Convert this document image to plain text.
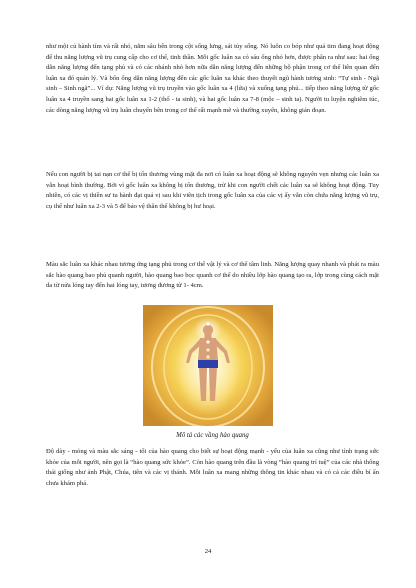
như một củ hành tím và rất nhỏ, nằm sâu bên trong cột sống lưng, sát tủy sống. Nó luôn co bóp như quả tim đang hoạt động để thu năng lượng vũ trụ cung cấp cho cơ thể, tinh thần. Mỗi gốc luân xa có sáu ống nhỏ hơn, được phân ra như sau: hai ống dẫn năng lượng đến tạng phủ và có các nhánh nhỏ hơn nữa dẫn năng lượng đến những bộ phận trong cơ thể liên quan đến luân xa đó quản lý. Và bốn ống dẫn năng lượng đến các gốc luân xa khác theo thuyết ngũ hành tương sinh: “Tự sinh - Ngã sinh – Sinh ngã”... Ví dụ: Năng lượng vũ trụ truyền vào gốc luân xa 4 (lửa) và xuống tạng phủ... tiếp theo năng lượng từ gốc luân xa 4 truyền sang hai gốc luân xa 1-2 (thổ - ta sinh), và hai gốc luân xa 7-8 (mộc – sinh ta). Người tu luyện nghiêm túc, các dòng năng lượng vũ trụ luân chuyển bên trong cơ thể rất mạnh mẽ và thường xuyên, không gián đoạn.

Nếu con người bị tai nạn cơ thể bị tổn thương vùng mặt đa nơi có luân xa hoạt động sẽ không nguyên vẹn nhưng các luân xa vẫn hoạt bình thường. Bởi vì gốc luân xa không bị tổn thương, trừ khi con người chết các luân xa sẽ không hoạt động. Tuy nhiên, có các vị thiền sư tu hành đạt quả vị sau khi viên tịch trong gốc luân xa của các vị ấy vẫn còn chứa năng lượng vũ trụ, cụ thể như luân xa 2-3 và 5 để bảo vệ thân thể không bị hư hoại.

Màu sắc luân xa khác nhau tương ứng tạng phủ trong cơ thể vật lý và cơ thể tâm linh. Năng lượng quay nhanh và phát ra màu sắc hào quang bao phủ quanh người, hào quang bao bọc quanh cơ thể do nhiều lớp hào quang tạo ra, lớp trong cùng cách mặt da từ nửa lóng tay đến hai lóng tay, tương đương từ 1- 4cm.

Mô tả các vầng hào quang

Độ dày - mỏng và màu sắc sáng - tối của hào quang cho biết sự hoạt động mạnh - yếu của luân xa cũng như tình trạng sức khỏe của mỗi người, nên gọi là “hào quang sức khỏe”. Còn hào quang trên đầu là vòng “hào quang trí tuệ” của các nhà thông thái giống như ảnh Phật, Chúa, tiên và các vị thánh. Mỗi luân xa mang những thông tin khác nhau và có cả các điều bí ẩn chưa khám phá.

24
